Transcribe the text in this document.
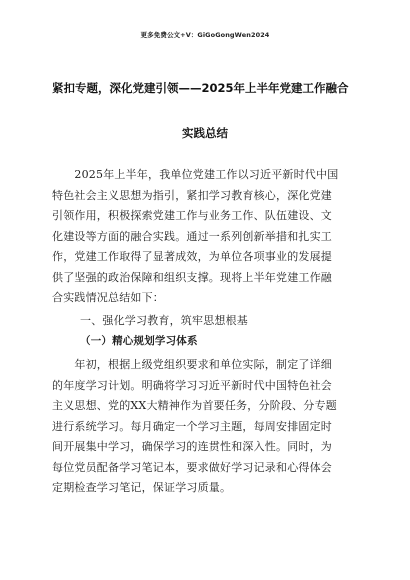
更多免费公文+V：GiGoGongWen2024
紧扣专题，深化党建引领——2025年上半年党建工作融合
实践总结
　　2025年上半年，我单位党建工作以习近平新时代中国
特色社会主义思想为指引，紧扣学习教育核心，深化党建
引领作用，积极探索党建工作与业务工作、队伍建设、文
化建设等方面的融合实践。通过一系列创新举措和扎实工
作，党建工作取得了显著成效，为单位各项事业的发展提
供了坚强的政治保障和组织支撑。现将上半年党建工作融
合实践情况总结如下：
一、强化学习教育，筑牢思想根基
（一）精心规划学习体系
　　年初，根据上级党组织要求和单位实际，制定了详细
的年度学习计划。明确将学习习近平新时代中国特色社会
主义思想、党的XX大精神作为首要任务，分阶段、分专题
进行系统学习。每月确定一个学习主题，每周安排固定时
间开展集中学习，确保学习的连贯性和深入性。同时，为
每位党员配备学习笔记本，要求做好学习记录和心得体会
定期检查学习笔记，保证学习质量。
